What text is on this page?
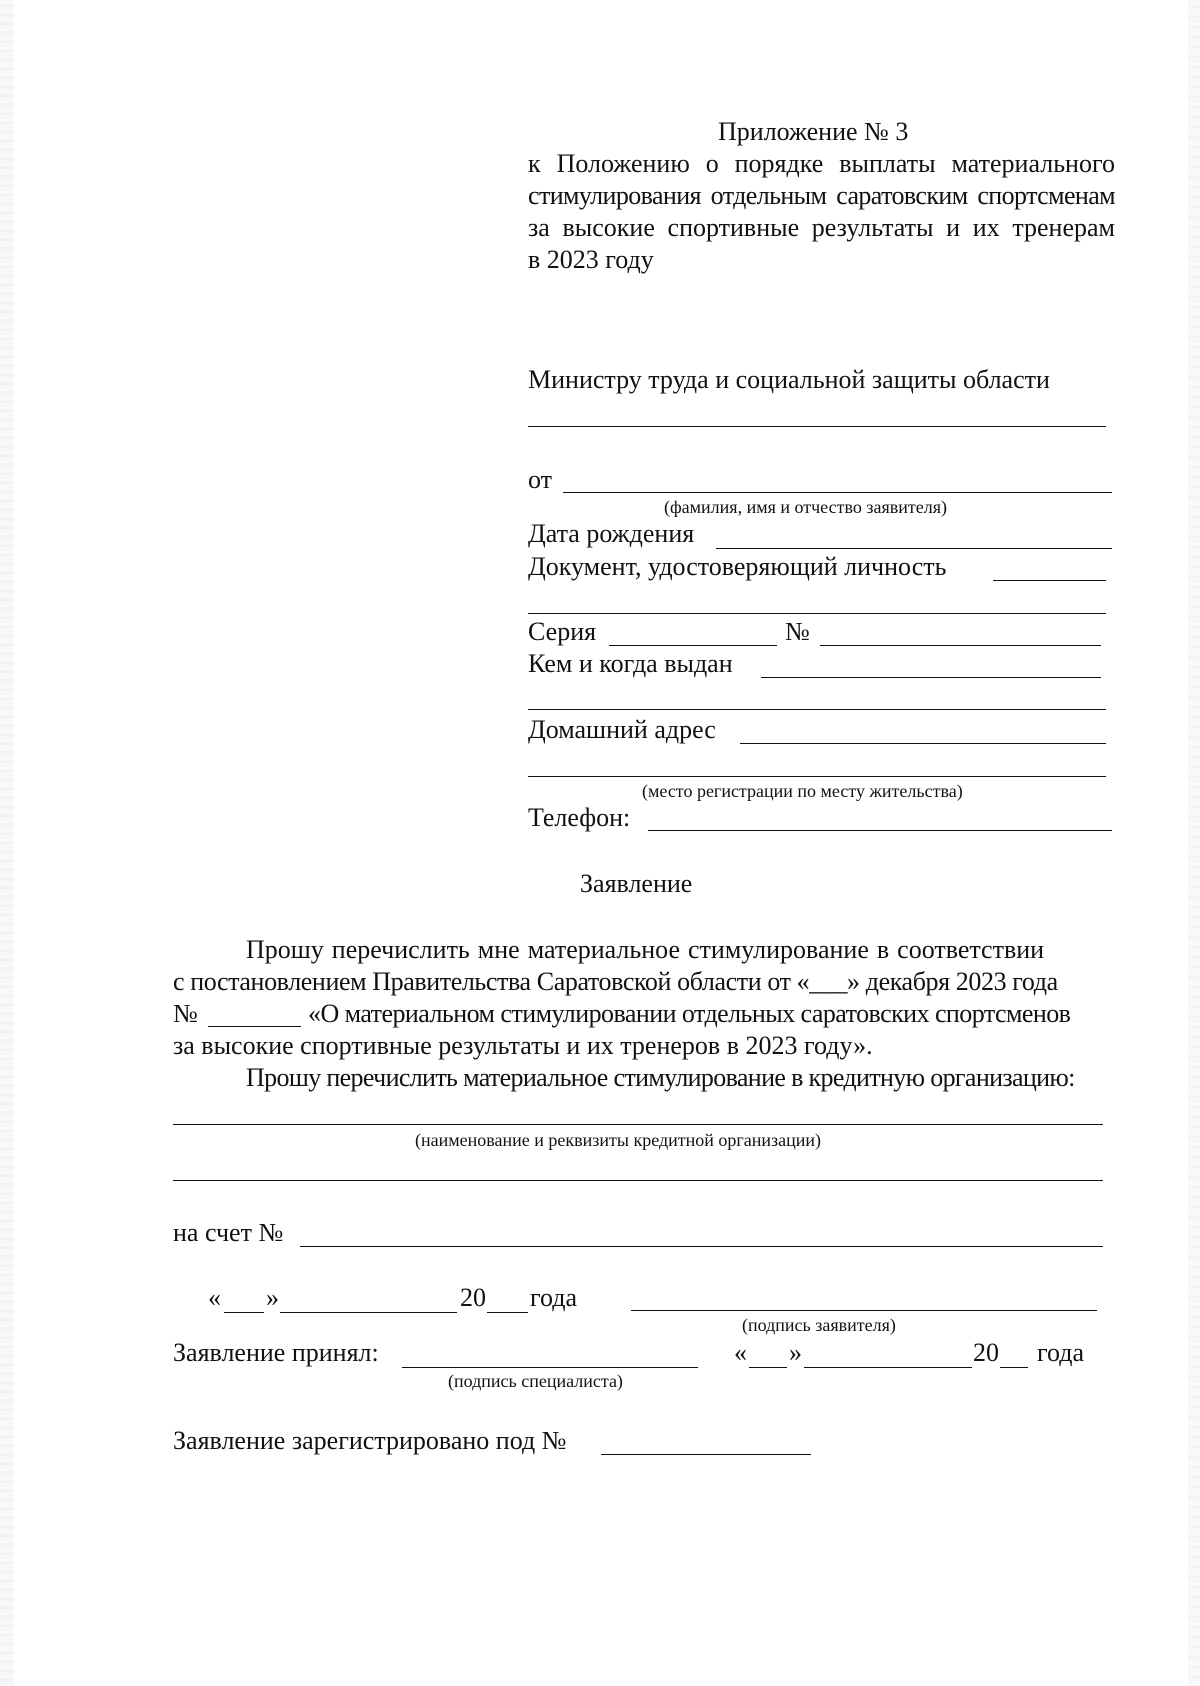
Приложение № 3
к Положению о порядке выплаты материального
стимулирования отдельным саратовским спортсменам
за высокие спортивные результаты и их тренерам
в 2023 году
Министру труда и социальной защиты области
от
(фамилия, имя и отчество заявителя)
Дата рождения
Документ, удостоверяющий личность
Серия	№
Кем и когда выдан
Домашний адрес
(место регистрации по месту жительства)
Телефон:
Заявление
Прошу перечислить мне материальное стимулирование в соответствии
с постановлением Правительства Саратовской области от «___» декабря 2023 года
№	«О материальном стимулировании отдельных саратовских спортсменов
за высокие спортивные результаты и их тренеров в 2023 году».
Прошу перечислить материальное стимулирование в кредитную организацию:
(наименование и реквизиты кредитной организации)
на счет №
« »	20 года
(подпись заявителя)
Заявление принял:
(подпись специалиста)
« »	20 года
Заявление зарегистрировано под №
